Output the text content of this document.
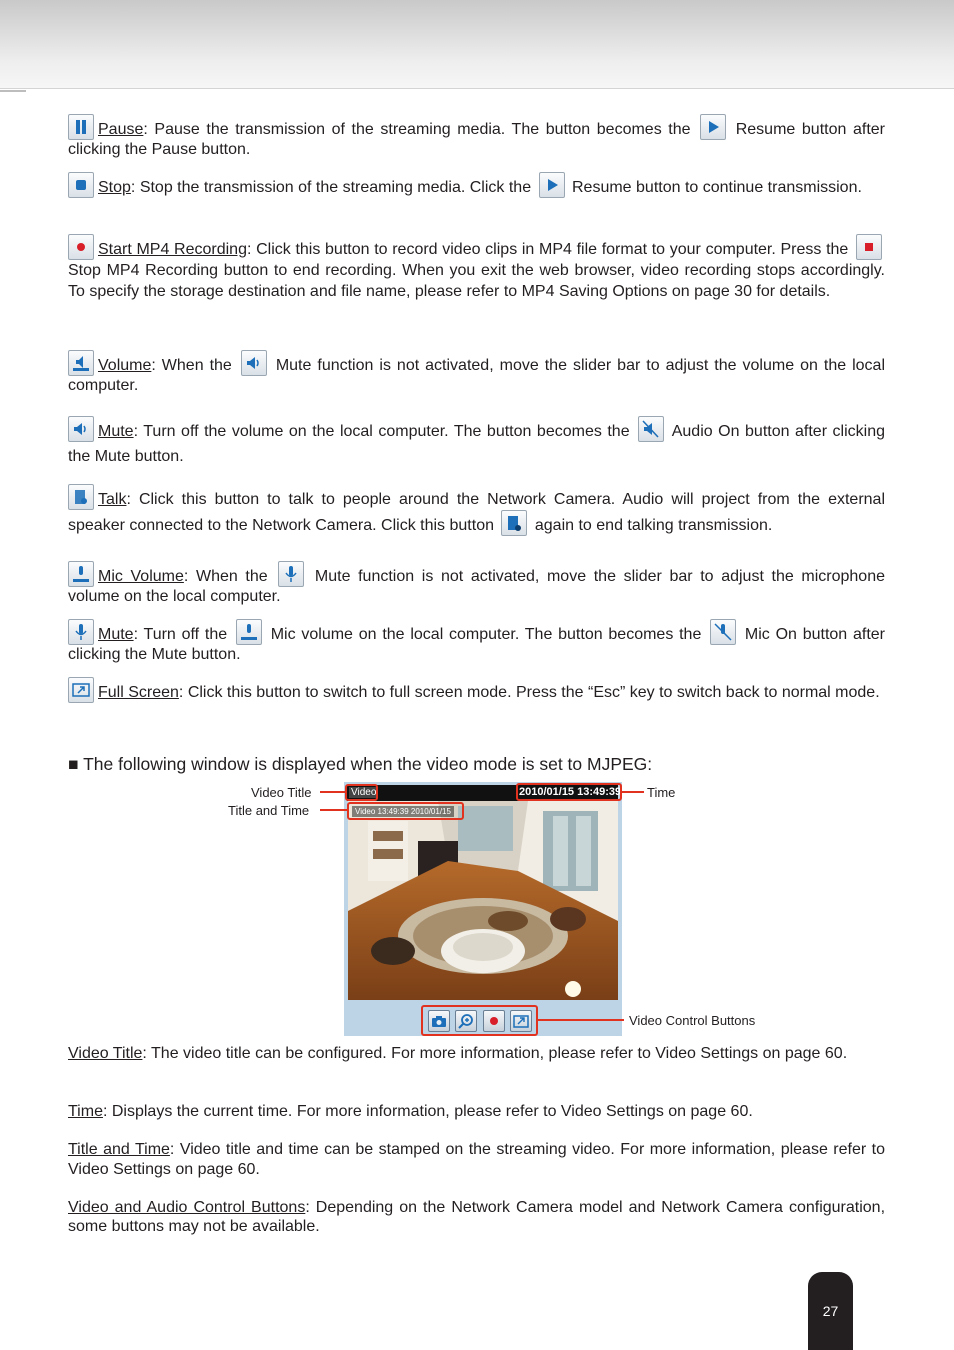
Pause: Pause the transmission of the streaming media. The button becomes the
Resume button after clicking the Pause button.

Stop: Stop the transmission of the streaming media. Click the
Resume button to continue transmission.

Start MP4 Recording: Click this button to record video clips in MP4 file format to your computer. Press the
Stop MP4 Recording button to end recording. When you exit the web browser, video recording stops accordingly. To specify the storage destination and file name, please refer to MP4 Saving Options on page 30 for details.

Volume: When the
Mute function is not activated, move the slider bar to adjust the volume on the local computer.

Mute: Turn off the volume on the local computer. The button becomes the
Audio On button after clicking the Mute button.

Talk: Click this button to talk to people around the Network Camera. Audio will project from the external speaker connected to the Network Camera. Click this button
again to end talking transmission.

Mic Volume: When the
Mute function is not activated, move the slider bar to adjust the microphone volume on the local computer.

Mute: Turn off the
Mic volume on the local computer. The button becomes the
Mic On button after clicking the Mute button.

Full Screen: Click this button to switch to full screen mode. Press the “Esc” key to switch back to normal mode.

■ The following window is displayed when the video mode is set to MJPEG:

Video	2010/01/15 13:49:39
Video 13:49:39 2010/01/15
Video Title
Title and Time
Time
Video Control Buttons

Video Title: The video title can be configured. For more information, please refer to Video Settings on page 60.

Time: Displays the current time. For more information, please refer to Video Settings on page 60.

Title and Time: Video title and time can be stamped on the streaming video. For more information, please refer to Video Settings on page 60.

Video and Audio Control Buttons: Depending on the Network Camera model and Network Camera configuration, some buttons may not be available.

27
